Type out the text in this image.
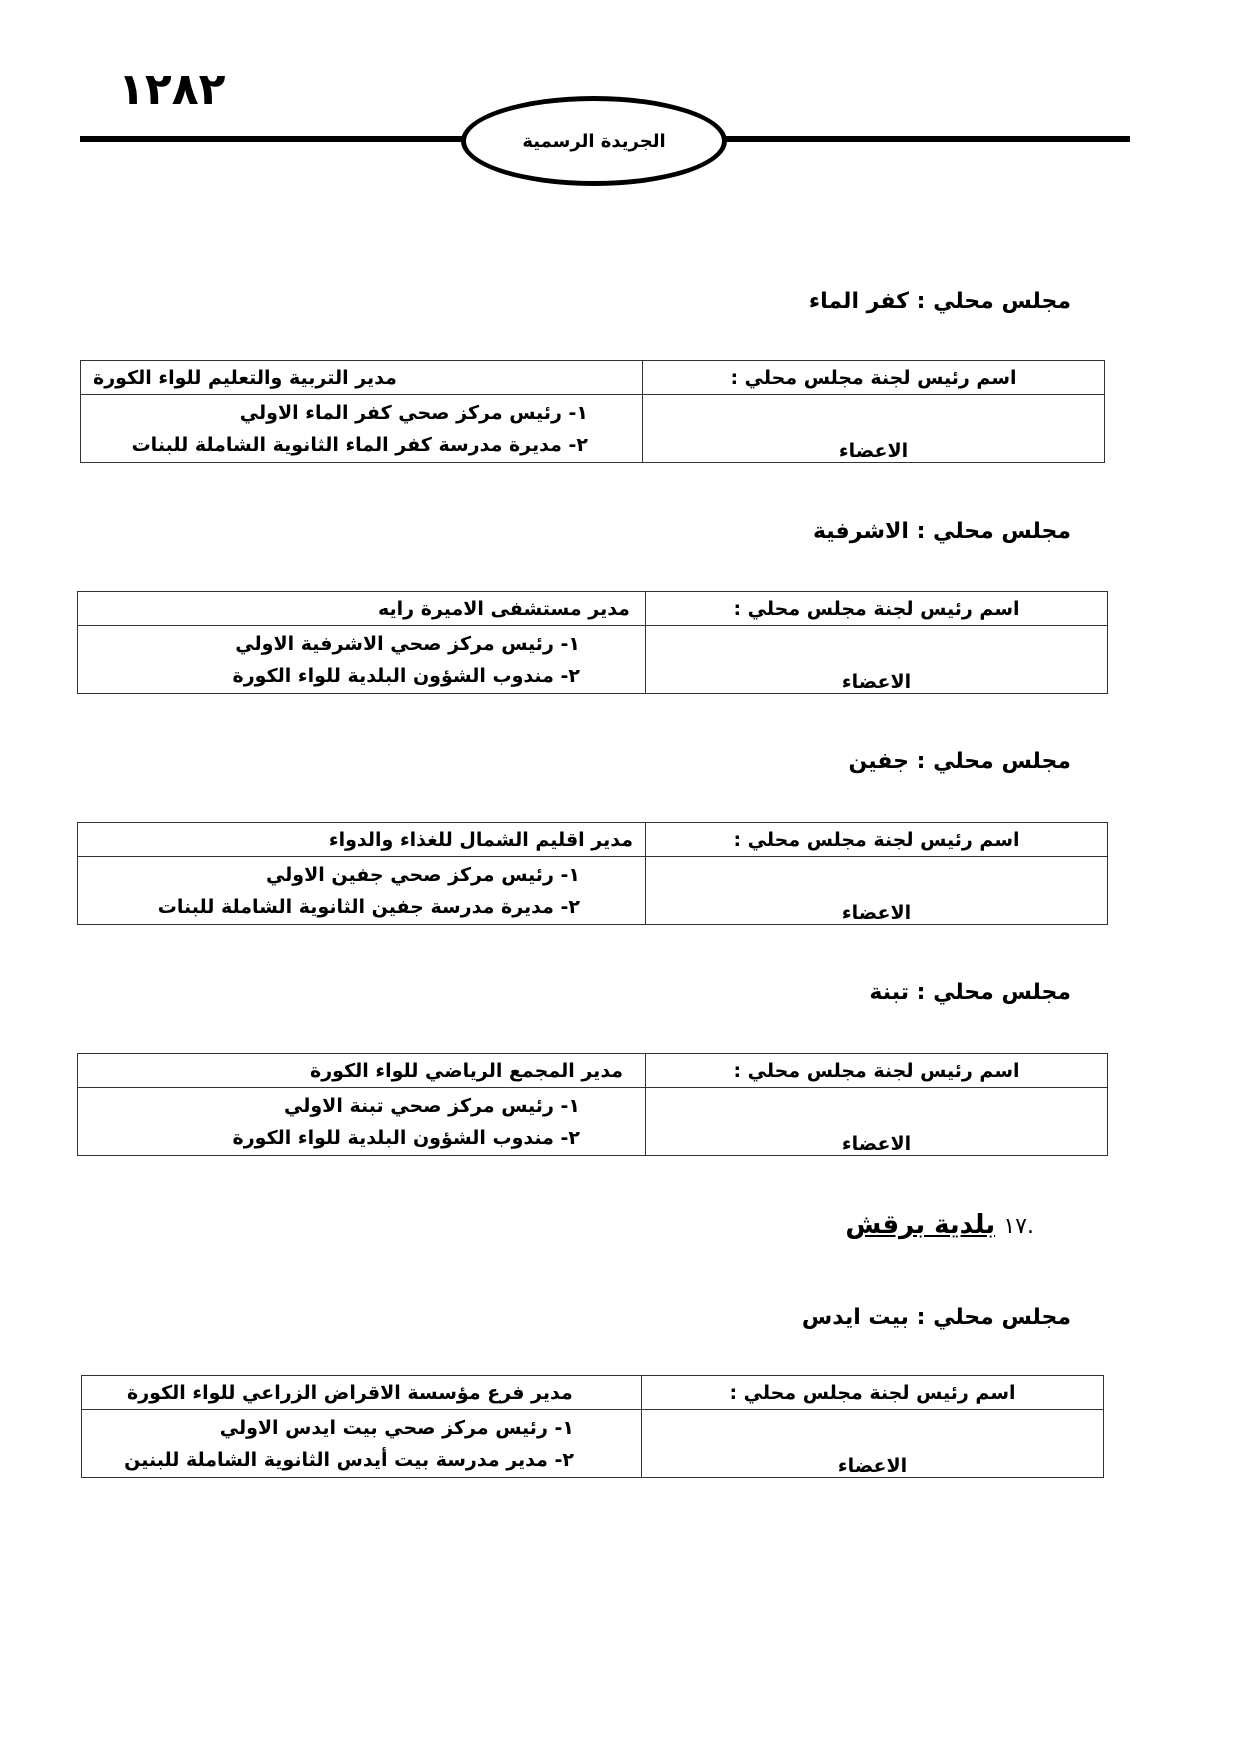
١٢٨٢
الجريدة الرسمية
مجلس محلي : كفر الماء
اسم رئيس لجنة مجلس محلي :	مدير التربية والتعليم للواء الكورة
الاعضاء	١- رئيس مركز صحي كفر الماء الاولي
٢- مديرة مدرسة كفر الماء الثانوية الشاملة للبنات
مجلس محلي : الاشرفية
اسم رئيس لجنة مجلس محلي :	مدير مستشفى الاميرة رايه
الاعضاء	١- رئيس مركز صحي الاشرفية الاولي
٢- مندوب الشؤون البلدية للواء الكورة
مجلس محلي : جفين
اسم رئيس لجنة مجلس محلي :	مدير اقليم الشمال للغذاء والدواء
الاعضاء	١- رئيس مركز صحي جفين الاولي
٢- مديرة مدرسة جفين الثانوية الشاملة للبنات
مجلس محلي : تبنة
اسم رئيس لجنة مجلس محلي :	مدير المجمع الرياضي للواء الكورة
الاعضاء	١- رئيس مركز صحي تبنة الاولي
٢- مندوب الشؤون البلدية للواء الكورة
.١٧ بلدية برقش
مجلس محلي : بيت ايدس
اسم رئيس لجنة مجلس محلي :	مدير فرع مؤسسة الاقراض الزراعي للواء الكورة
الاعضاء	١- رئيس مركز صحي بيت ايدس الاولي
٢- مدير مدرسة بيت أيدس الثانوية الشاملة للبنين
